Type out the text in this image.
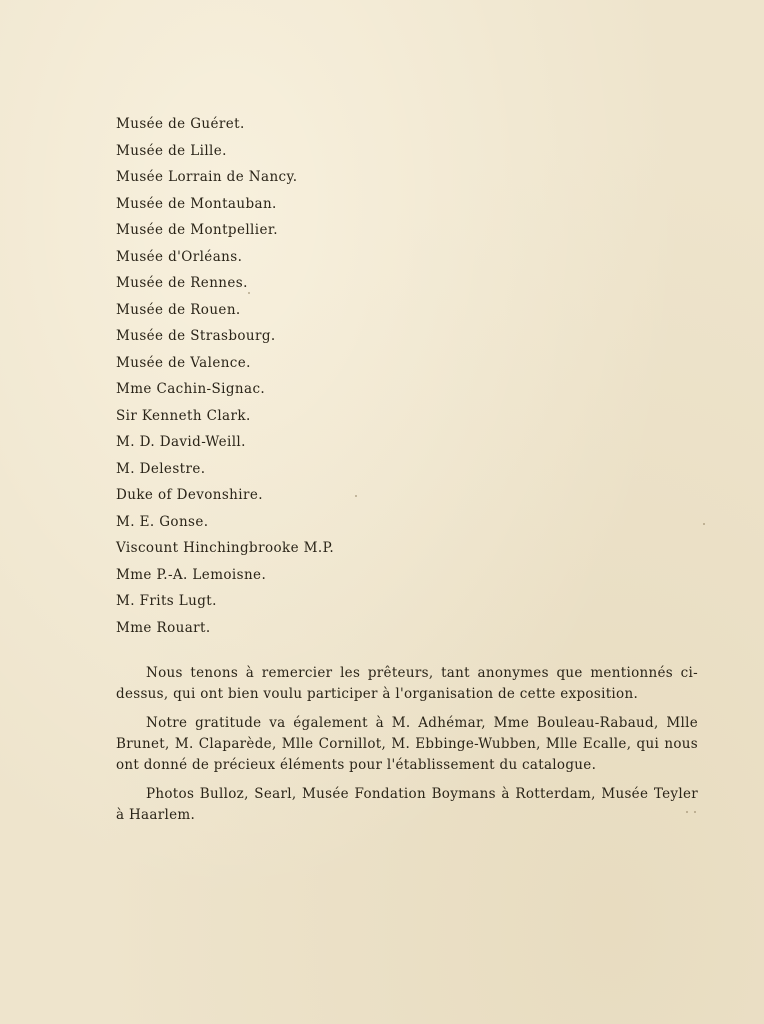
Musée de Guéret.
Musée de Lille.
Musée Lorrain de Nancy.
Musée de Montauban.
Musée de Montpellier.
Musée d'Orléans.
Musée de Rennes.
Musée de Rouen.
Musée de Strasbourg.
Musée de Valence.
Mme Cachin-Signac.
Sir Kenneth Clark.
M. D. David-Weill.
M. Delestre.
Duke of Devonshire.
M. E. Gonse.
Viscount Hinchingbrooke M.P.
Mme P.-A. Lemoisne.
M. Frits Lugt.
Mme Rouart.

Nous tenons à remercier les prêteurs, tant anonymes que mentionnés ci-dessus, qui ont bien voulu participer à l'organisation de cette exposition.

Notre gratitude va également à M. Adhémar, Mme Bouleau-Rabaud, Mlle Brunet, M. Claparède, Mlle Cornillot, M. Ebbinge-Wubben, Mlle Ecalle, qui nous ont donné de précieux éléments pour l'établissement du catalogue.

Photos Bulloz, Searl, Musée Fondation Boymans à Rotterdam, Musée Teyler à Haarlem.
